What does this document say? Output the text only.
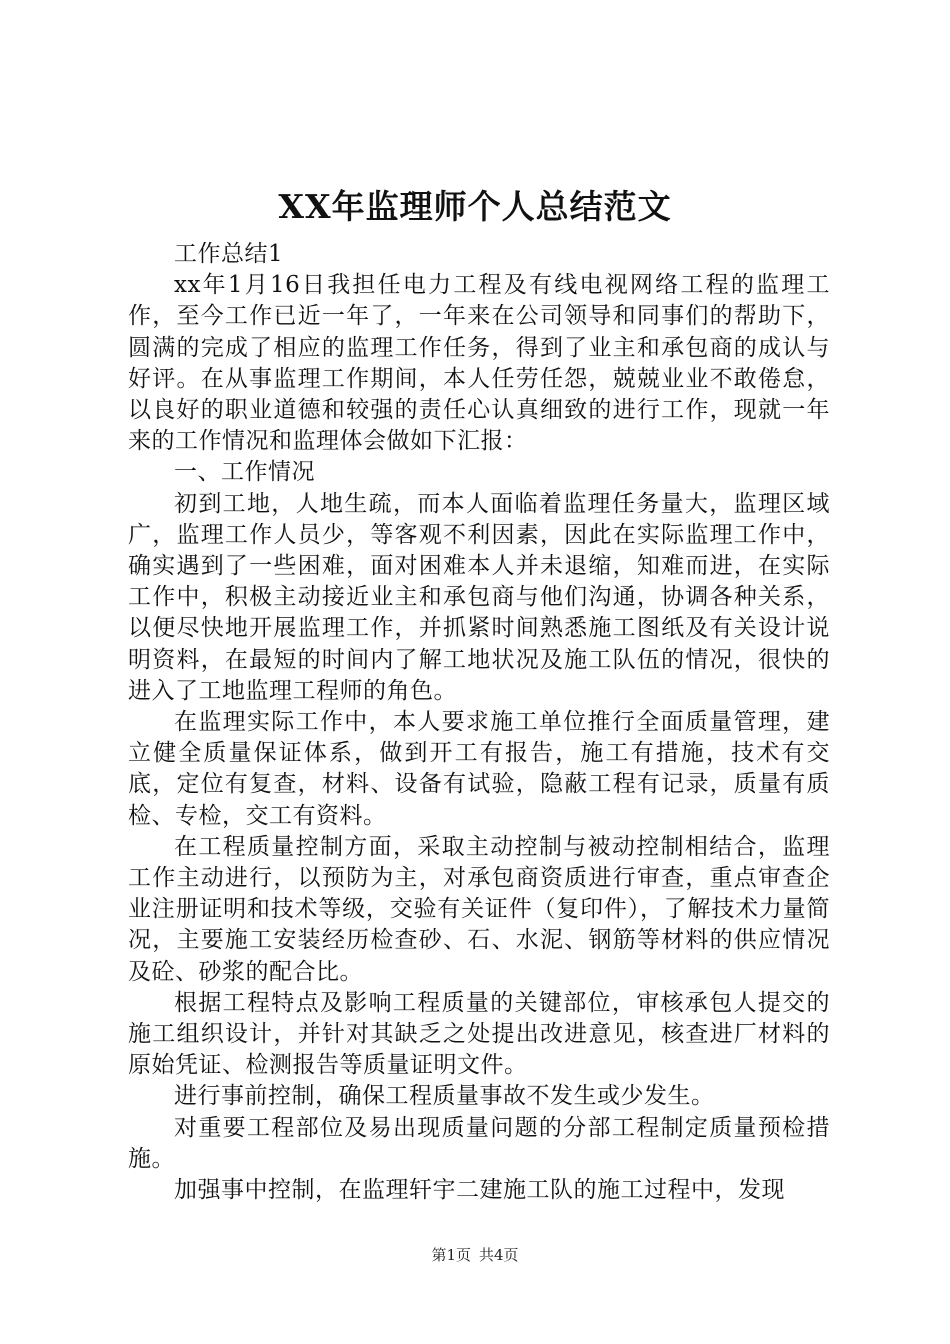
XX年监理师个人总结范文

工作总结1

xx年1月16日我担任电力工程及有线电视网络工程的监理工作，至今工作已近一年了，一年来在公司领导和同事们的帮助下，圆满的完成了相应的监理工作任务，得到了业主和承包商的成认与好评。在从事监理工作期间，本人任劳任怨，兢兢业业不敢倦怠，以良好的职业道德和较强的责任心认真细致的进行工作，现就一年来的工作情况和监理体会做如下汇报：

一、工作情况

初到工地，人地生疏，而本人面临着监理任务量大，监理区域广，监理工作人员少，等客观不利因素，因此在实际监理工作中，确实遇到了一些困难，面对困难本人并未退缩，知难而进，在实际工作中，积极主动接近业主和承包商与他们沟通，协调各种关系，以便尽快地开展监理工作，并抓紧时间熟悉施工图纸及有关设计说明资料，在最短的时间内了解工地状况及施工队伍的情况，很快的进入了工地监理工程师的角色。

在监理实际工作中，本人要求施工单位推行全面质量管理，建立健全质量保证体系，做到开工有报告，施工有措施，技术有交底，定位有复查，材料、设备有试验，隐蔽工程有记录，质量有质检、专检，交工有资料。

在工程质量控制方面，采取主动控制与被动控制相结合，监理工作主动进行，以预防为主，对承包商资质进行审查，重点审查企业注册证明和技术等级，交验有关证件（复印件），了解技术力量简况，主要施工安装经历检查砂、石、水泥、钢筋等材料的供应情况及砼、砂浆的配合比。

根据工程特点及影响工程质量的关键部位，审核承包人提交的施工组织设计，并针对其缺乏之处提出改进意见，核查进厂材料的原始凭证、检测报告等质量证明文件。

进行事前控制，确保工程质量事故不发生或少发生。

对重要工程部位及易出现质量问题的分部工程制定质量预检措施。

加强事中控制，在监理轩宇二建施工队的施工过程中，发现

第1页 共4页
